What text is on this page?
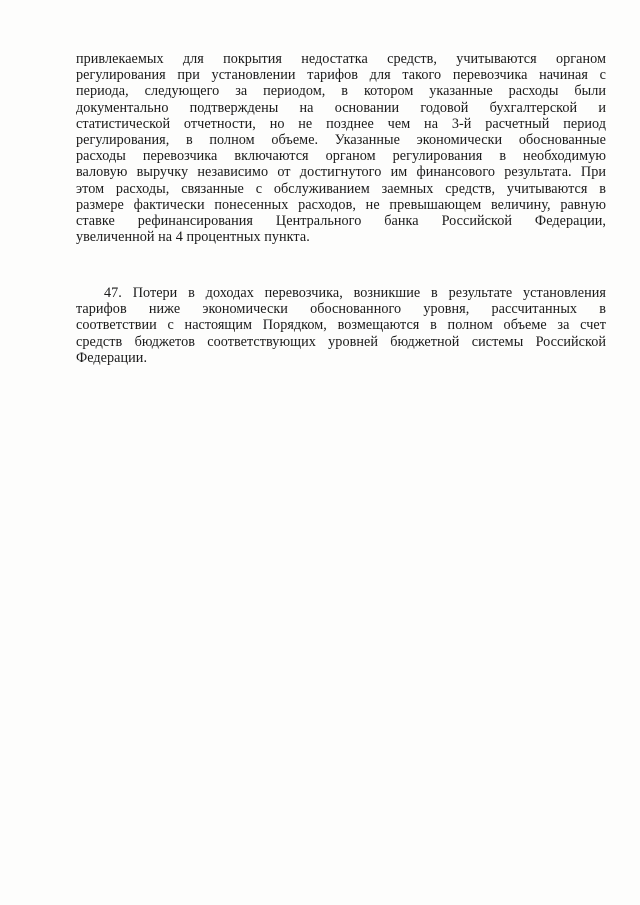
привлекаемых для покрытия недостатка средств, учитываются органом
регулирования при установлении тарифов для такого перевозчика начиная с
периода, следующего за периодом, в котором указанные расходы были
документально подтверждены на основании годовой бухгалтерской и
статистической отчетности, но не позднее чем на 3-й расчетный период
регулирования, в полном объеме. Указанные экономически обоснованные
расходы перевозчика включаются органом регулирования в необходимую
валовую выручку независимо от достигнутого им финансового результата. При
этом расходы, связанные с обслуживанием заемных средств, учитываются в
размере фактически понесенных расходов, не превышающем величину, равную
ставке рефинансирования Центрального банка Российской Федерации,
увеличенной на 4 процентных пункта.
47. Потери в доходах перевозчика, возникшие в результате установления
тарифов ниже экономически обоснованного уровня, рассчитанных в
соответствии с настоящим Порядком, возмещаются в полном объеме за счет
средств бюджетов соответствующих уровней бюджетной системы Российской
Федерации.
